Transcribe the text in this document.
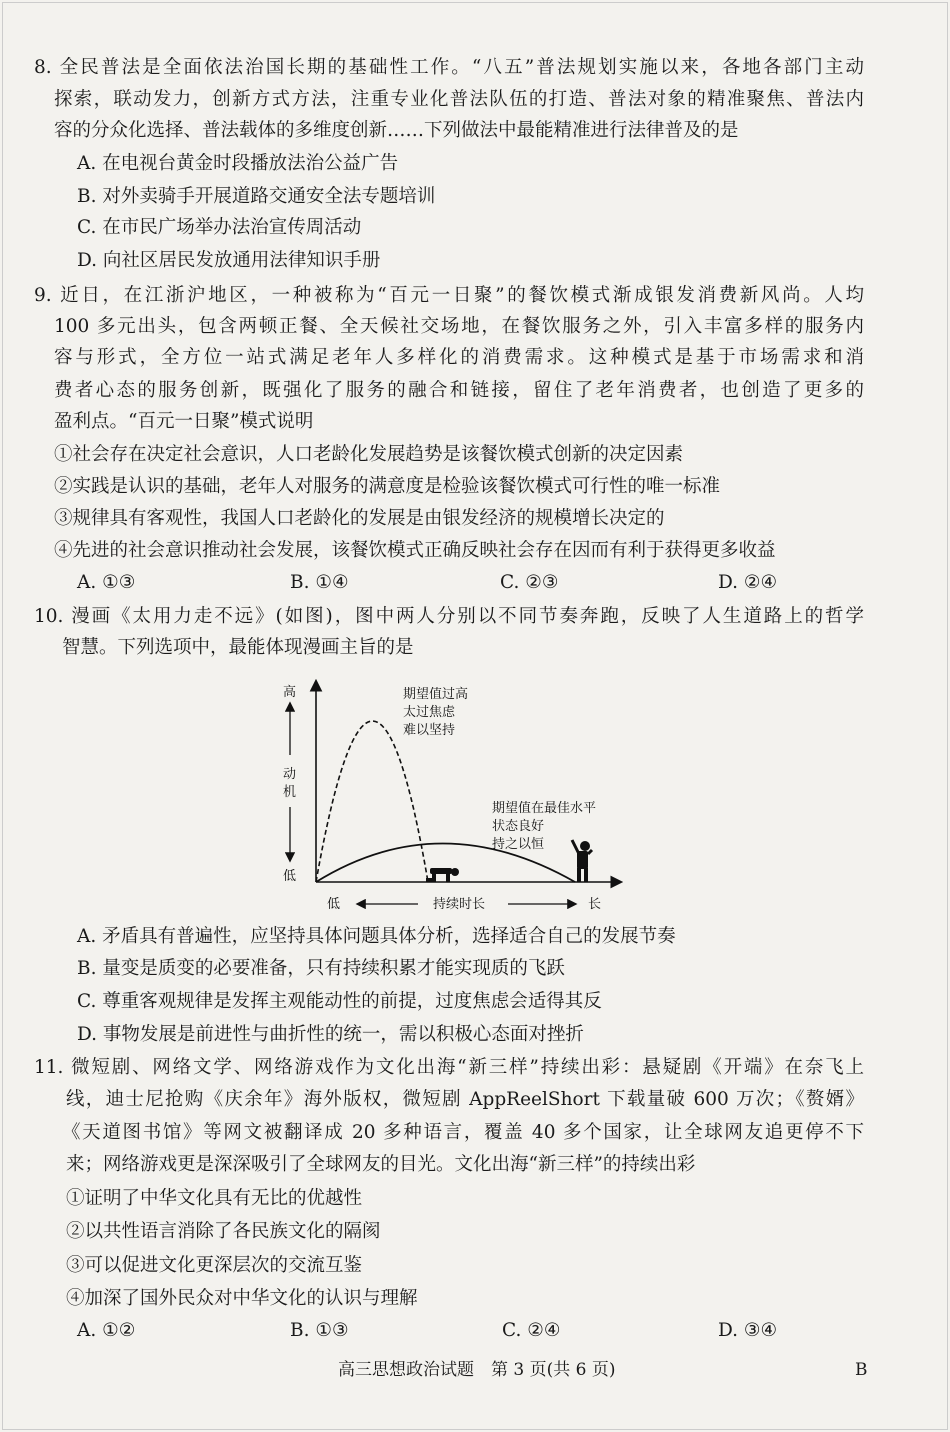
8. 全民普法是全面依法治国长期的基础性工作。“八五”普法规划实施以来，各地各部门主动
探索，联动发力，创新方式方法，注重专业化普法队伍的打造、普法对象的精准聚焦、普法内
容的分众化选择、普法载体的多维度创新……下列做法中最能精准进行法律普及的是
A. 在电视台黄金时段播放法治公益广告
B. 对外卖骑手开展道路交通安全法专题培训
C. 在市民广场举办法治宣传周活动
D. 向社区居民发放通用法律知识手册
9. 近日，在江浙沪地区，一种被称为“百元一日聚”的餐饮模式渐成银发消费新风尚。人均
100 多元出头，包含两顿正餐、全天候社交场地，在餐饮服务之外，引入丰富多样的服务内
容与形式，全方位一站式满足老年人多样化的消费需求。这种模式是基于市场需求和消
费者心态的服务创新，既强化了服务的融合和链接，留住了老年消费者，也创造了更多的
盈利点。“百元一日聚”模式说明
①社会存在决定社会意识，人口老龄化发展趋势是该餐饮模式创新的决定因素
②实践是认识的基础，老年人对服务的满意度是检验该餐饮模式可行性的唯一标准
③规律具有客观性，我国人口老龄化的发展是由银发经济的规模增长决定的
④先进的社会意识推动社会发展，该餐饮模式正确反映社会存在因而有利于获得更多收益
A. ①③	B. ①④	C. ②③	D. ②④
10. 漫画《太用力走不远》(如图)，图中两人分别以不同节奏奔跑，反映了人生道路上的哲学
智慧。下列选项中，最能体现漫画主旨的是
高
动
机
低
低	持续时长	长
期望值过高
太过焦虑
难以坚持
期望值在最佳水平
状态良好
持之以恒
A. 矛盾具有普遍性，应坚持具体问题具体分析，选择适合自己的发展节奏
B. 量变是质变的必要准备，只有持续积累才能实现质的飞跃
C. 尊重客观规律是发挥主观能动性的前提，过度焦虑会适得其反
D. 事物发展是前进性与曲折性的统一，需以积极心态面对挫折
11. 微短剧、网络文学、网络游戏作为文化出海“新三样”持续出彩：悬疑剧《开端》在奈飞上
线，迪士尼抢购《庆余年》海外版权，微短剧 AppReelShort 下载量破 600 万次；《赘婿》
《天道图书馆》等网文被翻译成 20 多种语言，覆盖 40 多个国家，让全球网友追更停不下
来；网络游戏更是深深吸引了全球网友的目光。文化出海“新三样”的持续出彩
①证明了中华文化具有无比的优越性
②以共性语言消除了各民族文化的隔阂
③可以促进文化更深层次的交流互鉴
④加深了国外民众对中华文化的认识与理解
A. ①②	B. ①③	C. ②④	D. ③④
高三思想政治试题　第 3 页(共 6 页)	B
